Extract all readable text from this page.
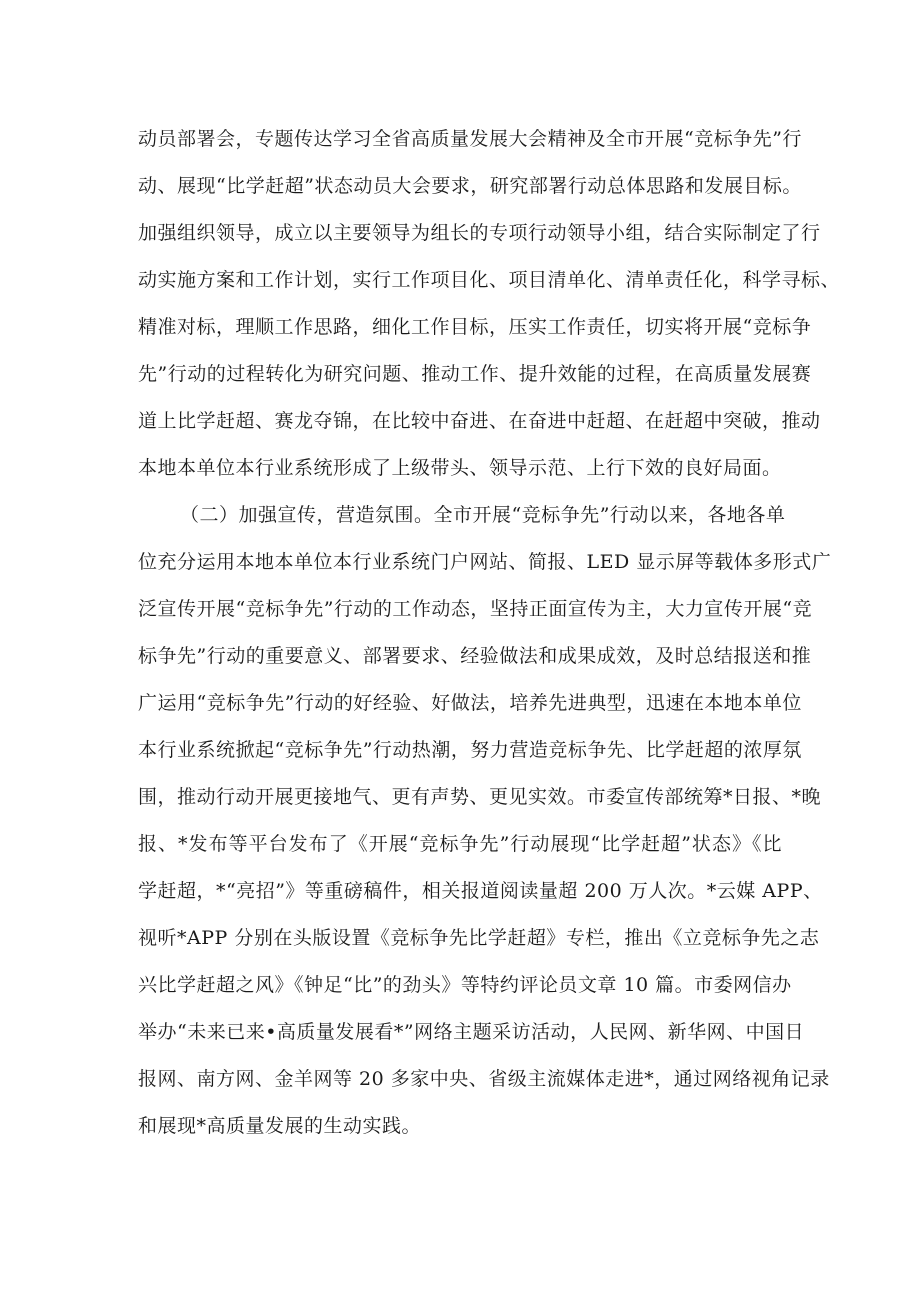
动员部署会，专题传达学习全省高质量发展大会精神及全市开展“竞标争先”行
动、展现“比学赶超”状态动员大会要求，研究部署行动总体思路和发展目标。
加强组织领导，成立以主要领导为组长的专项行动领导小组，结合实际制定了行
动实施方案和工作计划，实行工作项目化、项目清单化、清单责任化，科学寻标、
精准对标，理顺工作思路，细化工作目标，压实工作责任，切实将开展“竞标争
先”行动的过程转化为研究问题、推动工作、提升效能的过程，在高质量发展赛
道上比学赶超、赛龙夺锦，在比较中奋进、在奋进中赶超、在赶超中突破，推动
本地本单位本行业系统形成了上级带头、领导示范、上行下效的良好局面。
（二）加强宣传，营造氛围。全市开展“竞标争先”行动以来，各地各单
位充分运用本地本单位本行业系统门户网站、简报、LED 显示屏等载体多形式广
泛宣传开展“竞标争先”行动的工作动态，坚持正面宣传为主，大力宣传开展“竞
标争先”行动的重要意义、部署要求、经验做法和成果成效，及时总结报送和推
广运用“竞标争先”行动的好经验、好做法，培养先进典型，迅速在本地本单位
本行业系统掀起“竞标争先”行动热潮，努力营造竞标争先、比学赶超的浓厚氛
围，推动行动开展更接地气、更有声势、更见实效。市委宣传部统筹*日报、*晚
报、*发布等平台发布了《开展“竞标争先”行动展现“比学赶超”状态》《比
学赶超，*“亮招”》等重磅稿件，相关报道阅读量超 200 万人次。*云媒 APP、
视听*APP 分别在头版设置《竞标争先比学赶超》专栏，推出《立竞标争先之志
兴比学赶超之风》《钟足“比”的劲头》等特约评论员文章 10 篇。市委网信办
举办“未来已来•高质量发展看*”网络主题采访活动，人民网、新华网、中国日
报网、南方网、金羊网等 20 多家中央、省级主流媒体走进*，通过网络视角记录
和展现*高质量发展的生动实践。
